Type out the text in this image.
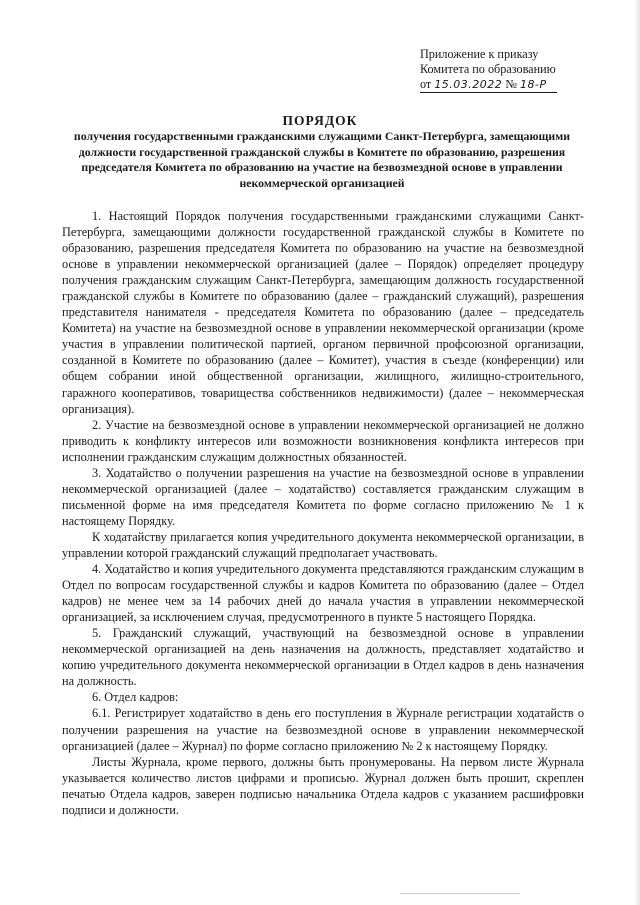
Приложение к приказу
Комитета по образованию
от 15.03.2022 № 18-Р
ПОРЯДОК
получения государственными гражданскими служащими Санкт-Петербурга, замещающими должности государственной гражданской службы в Комитете по образованию, разрешения председателя Комитета по образованию на участие на безвозмездной основе в управлении некоммерческой организацией

1. Настоящий Порядок получения государственными гражданскими служащими Санкт-Петербурга, замещающими должности государственной гражданской службы в Комитете по образованию, разрешения председателя Комитета по образованию на участие на безвозмездной основе в управлении некоммерческой организацией (далее – Порядок) определяет процедуру получения гражданским служащим Санкт-Петербурга, замещающим должность государственной гражданской службы в Комитете по образованию (далее – гражданский служащий), разрешения представителя нанимателя - председателя Комитета по образованию (далее – председатель Комитета) на участие на безвозмездной основе в управлении некоммерческой организации (кроме участия в управлении политической партией, органом первичной профсоюзной организации, созданной в Комитете по образованию (далее – Комитет), участия в съезде (конференции) или общем собрании иной общественной организации, жилищного, жилищно-строительного, гаражного кооперативов, товарищества собственников недвижимости) (далее – некоммерческая организация).

2. Участие на безвозмездной основе в управлении некоммерческой организацией не должно приводить к конфликту интересов или возможности возникновения конфликта интересов при исполнении гражданским служащим должностных обязанностей.

3. Ходатайство о получении разрешения на участие на безвозмездной основе в управлении некоммерческой организацией (далее – ходатайство) составляется гражданским служащим в письменной форме на имя председателя Комитета по форме согласно приложению № 1 к настоящему Порядку.

К ходатайству прилагается копия учредительного документа некоммерческой организации, в управлении которой гражданский служащий предполагает участвовать.

4. Ходатайство и копия учредительного документа представляются гражданским служащим в Отдел по вопросам государственной службы и кадров Комитета по образованию (далее – Отдел кадров) не менее чем за 14 рабочих дней до начала участия в управлении некоммерческой организацией, за исключением случая, предусмотренного в пункте 5 настоящего Порядка.

5. Гражданский служащий, участвующий на безвозмездной основе в управлении некоммерческой организацией на день назначения на должность, представляет ходатайство и копию учредительного документа некоммерческой организации в Отдел кадров в день назначения на должность.

6. Отдел кадров:

6.1. Регистрирует ходатайство в день его поступления в Журнале регистрации ходатайств о получении разрешения на участие на безвозмездной основе в управлении некоммерческой организацией (далее – Журнал) по форме согласно приложению № 2 к настоящему Порядку.

Листы Журнала, кроме первого, должны быть пронумерованы. На первом листе Журнала указывается количество листов цифрами и прописью. Журнал должен быть прошит, скреплен печатью Отдела кадров, заверен подписью начальника Отдела кадров с указанием расшифровки подписи и должности.
